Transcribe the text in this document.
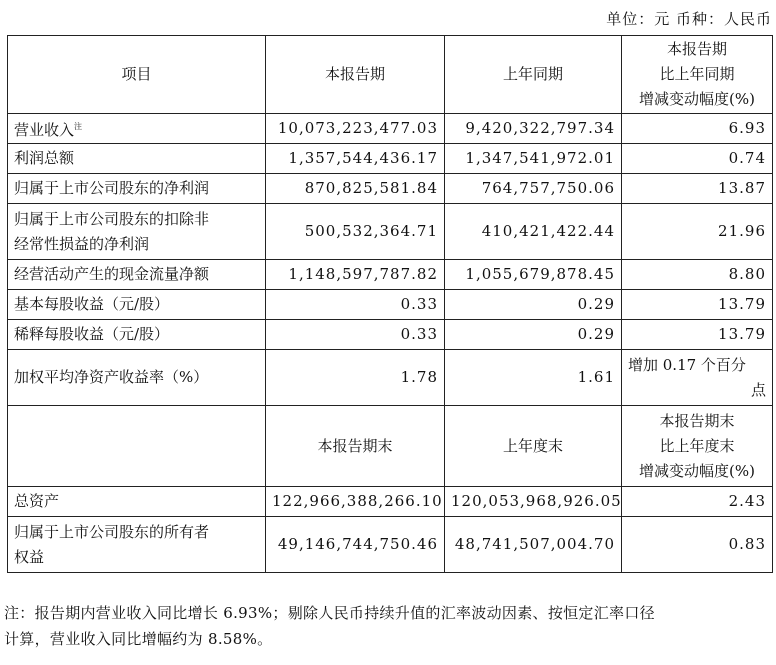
单位：元 币种：人民币
项目	本报告期	上年同期	本报告期
比上年同期
增减变动幅度(%)

营业收入$^注$	10,073,223,477.03	9,420,322,797.34	6.93
利润总额	1,357,544,436.17	1,347,541,972.01	0.74
归属于上市公司股东的净利润	870,825,581.84	764,757,750.06	13.87

归属于上市公司股东的扣除非
经常性损益的净利润	500,532,364.71	410,421,422.44	21.96
经营活动产生的现金流量净额	1,148,597,787.82	1,055,679,878.45	8.80
基本每股收益（元/股）	0.33	0.29	13.79
稀释每股收益（元/股）	0.33	0.29	13.79
加权平均净资产收益率（%）	1.78	1.61	增加 0.17 个百分
点

	本报告期末	上年度末	本报告期末
比上年度末
增减变动幅度(%)

总资产	122,966,388,266.10	120,053,968,926.05	2.43

归属于上市公司股东的所有者
权益	49,146,744,750.46	48,741,507,004.70	0.83
注：报告期内营业收入同比增长 6.93%；剔除人民币持续升值的汇率波动因素、按恒定汇率口径
计算，营业收入同比增幅约为 8.58%。
